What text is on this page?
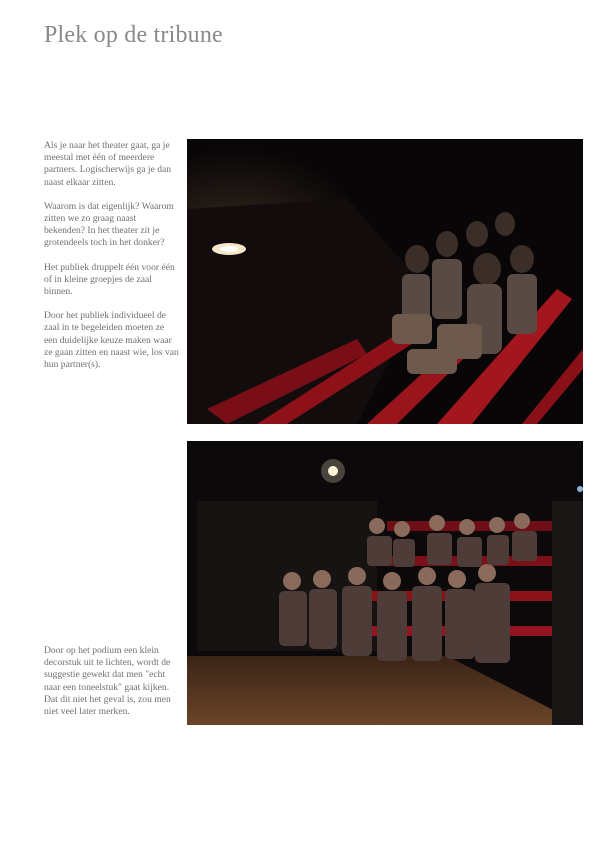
Plek op de tribune

Als je naar het theater gaat, ga je meestal met één of meerdere partners. Logischerwijs ga je dan naast elkaar zitten.

Waarom is dat eigenlijk? Waarom zitten we zo graag naast bekenden? In het theater zit je grotendeels toch in het donker?

Het publiek druppelt één voor één of in kleine groepjes de zaal binnen.

Door het publiek individueel de zaal in te begeleiden moeten ze een duidelijke keuze maken waar ze gaan zitten en naast wie, los van hun partner(s).

Door op het podium een klein decorstuk uit te lichten, wordt de suggestie gewekt dat men "echt naar een toneelstuk" gaat kijken. Dat dit niet het geval is, zou men niet veel later merken.
